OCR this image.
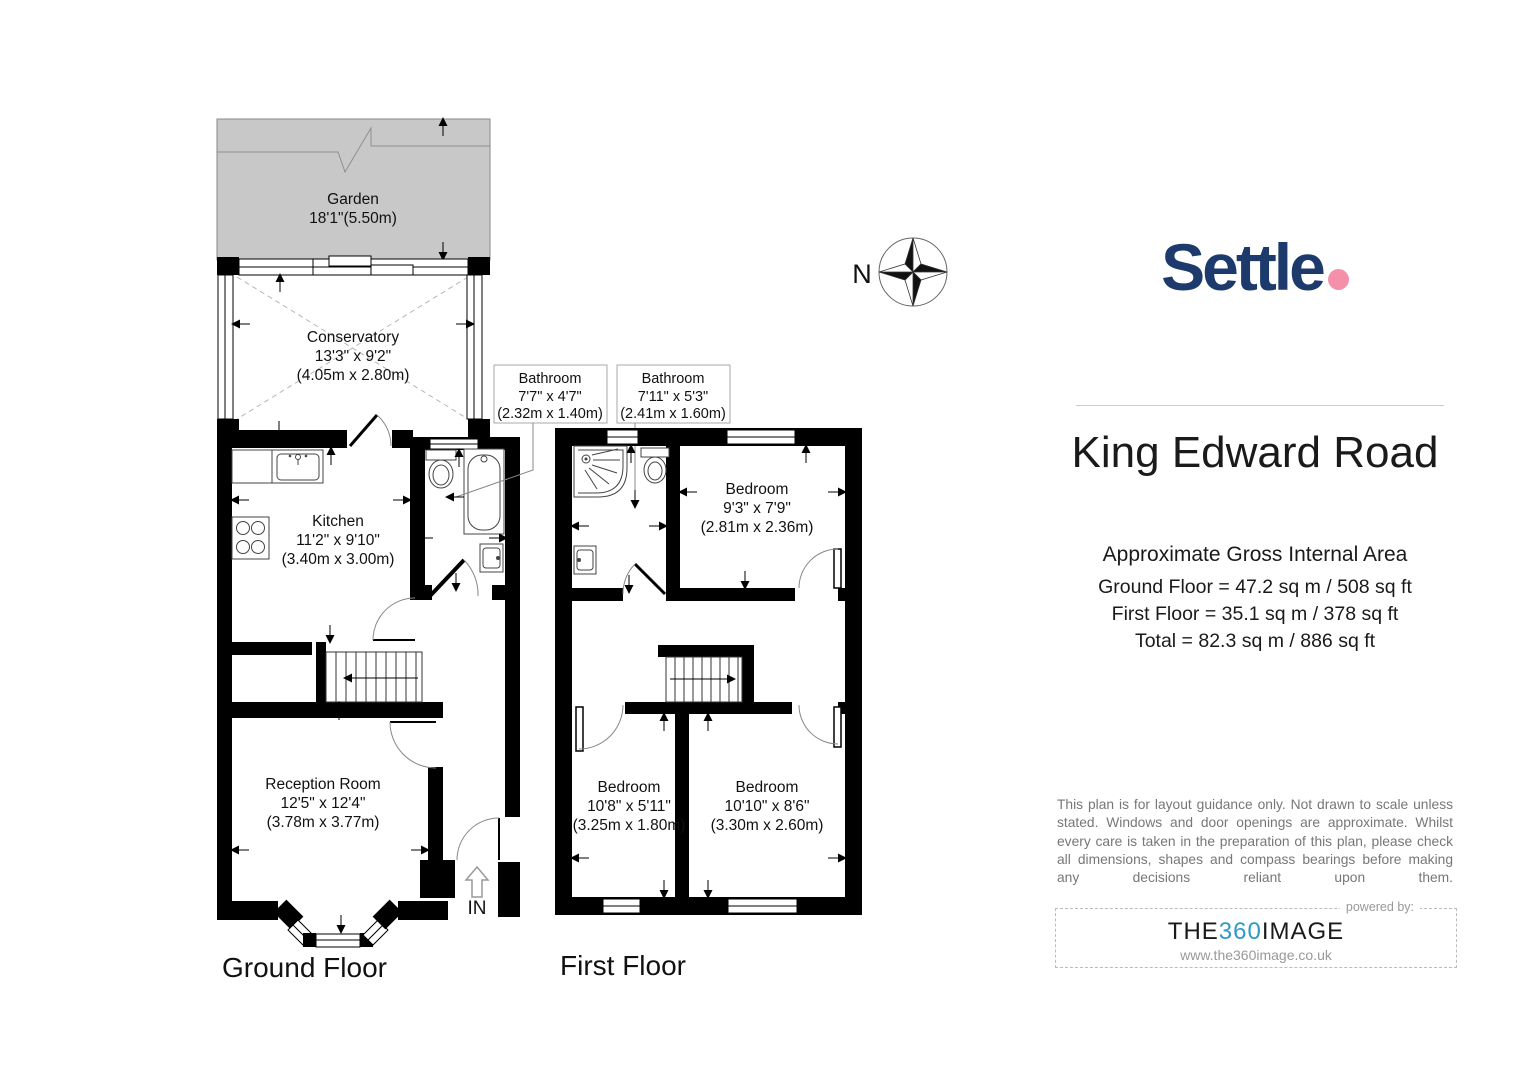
Garden
18'1"(5.50m)
Conservatory
13'3" x 9'2"
(4.05m x 2.80m)
Kitchen
11'2" x 9'10"
(3.40m x 3.00m)
Reception Room
12'5" x 12'4"
(3.78m x 3.77m)
IN
Ground Floor
Bathroom
7'7" x 4'7"
(2.32m x 1.40m)
Bathroom
7'11" x 5'3"
(2.41m x 1.60m)
Bedroom
9'3" x 7'9"
(2.81m x 2.36m)
Bedroom
10'8" x 5'11"
(3.25m x 1.80m)
Bedroom
10'10" x 8'6"
(3.30m x 2.60m)
First Floor
N	Settle
King Edward Road
Approximate Gross Internal Area
Ground Floor = 47.2 sq m / 508 sq ft
First Floor = 35.1 sq m / 378 sq ft
Total = 82.3 sq m / 886 sq ft

This plan is for layout guidance only. Not drawn to scale unless stated. Windows and door openings are approximate. Whilst every care is taken in the preparation of this plan, please check all dimensions, shapes and compass bearings before making any decisions reliant upon them.

powered by:
THE360IMAGE
www.the360image.co.uk
